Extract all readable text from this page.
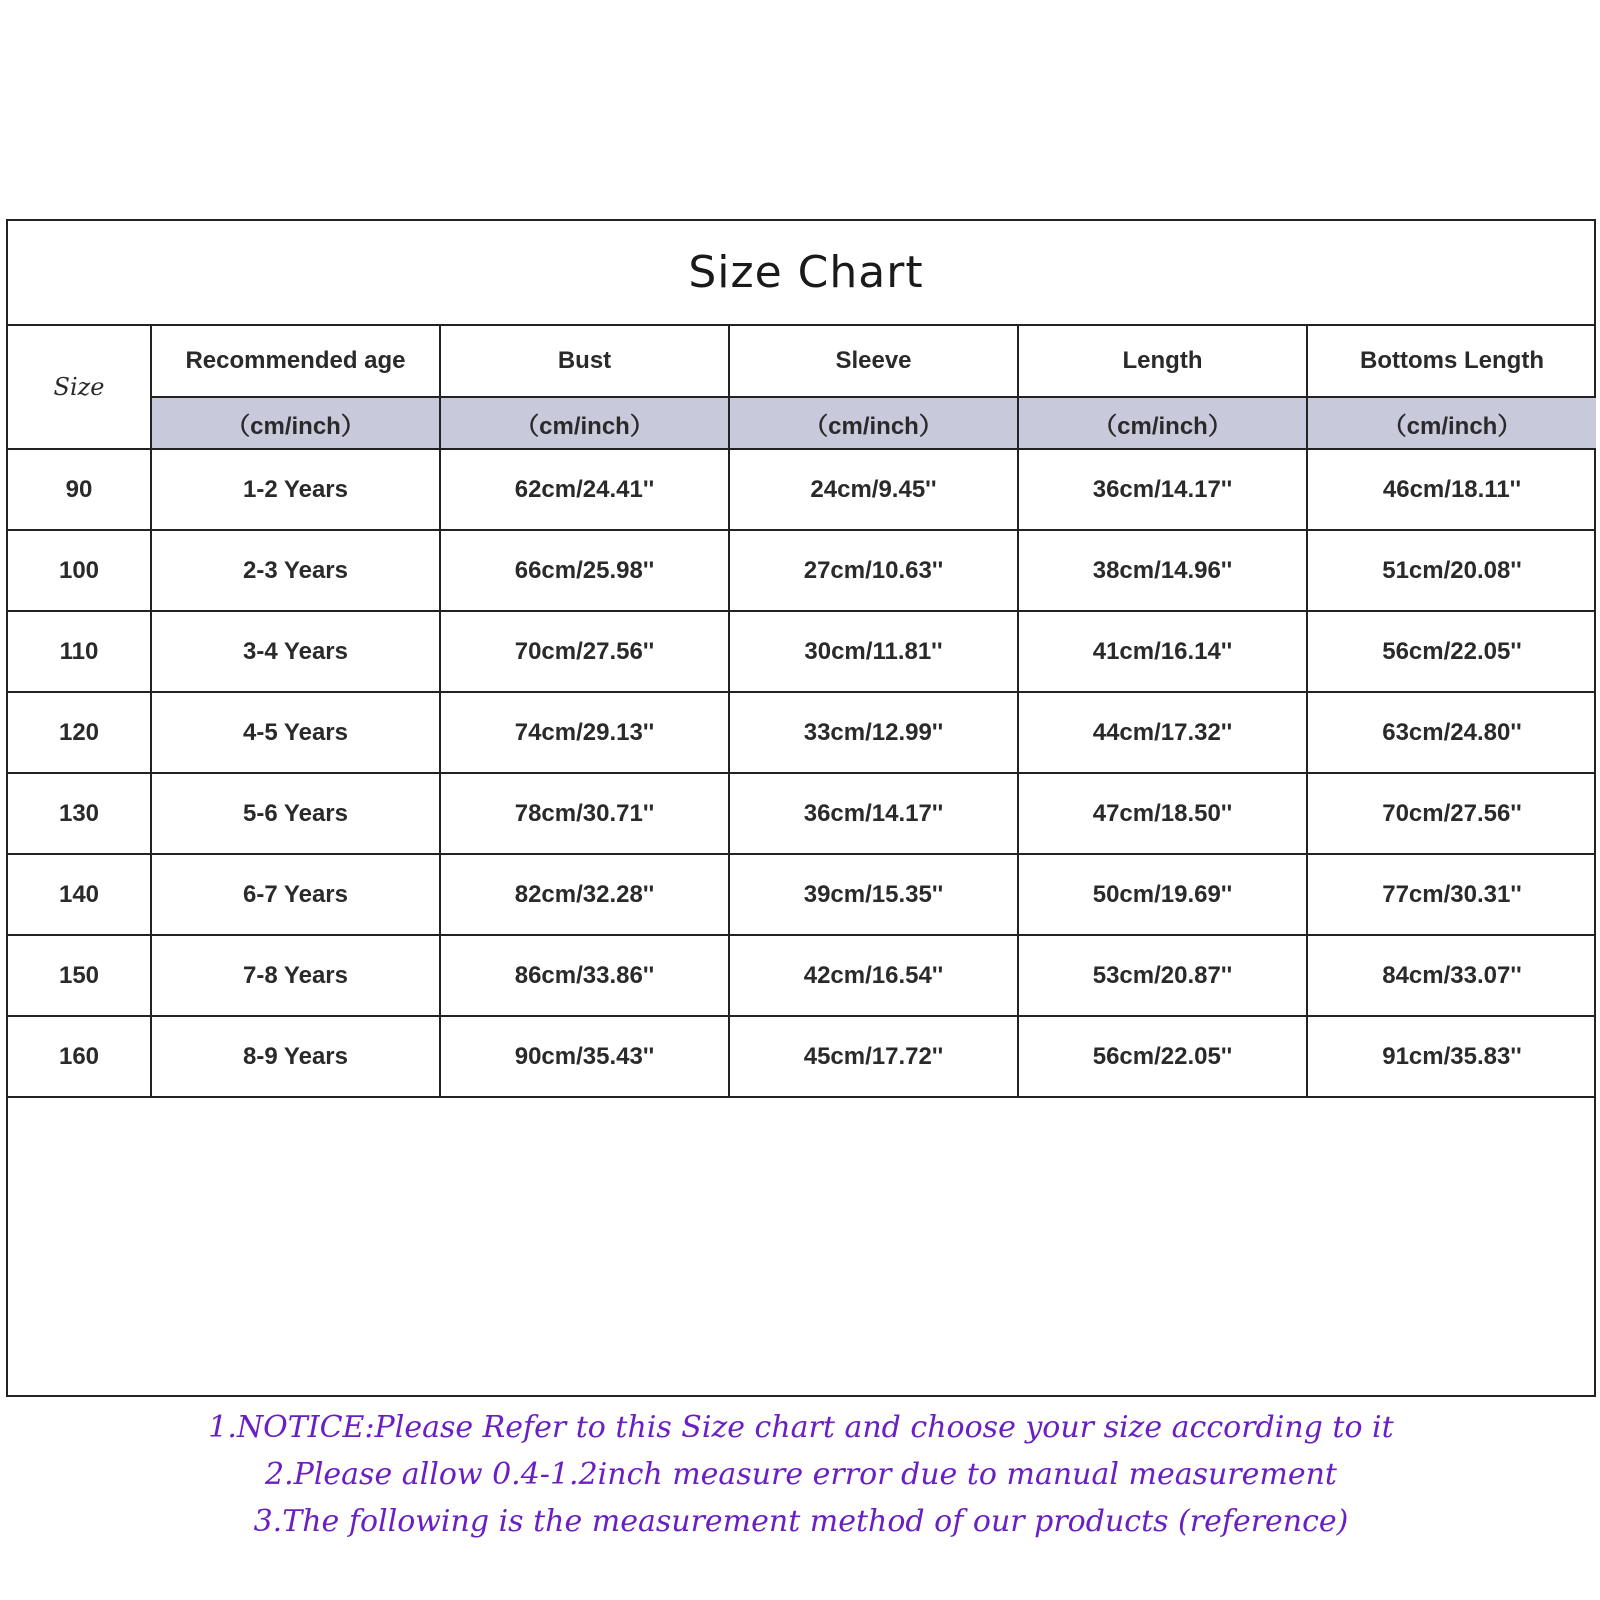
Size Chart
Size	Recommended age	Bust	Sleeve	Length	Bottoms Length
	（cm/inch）	（cm/inch）	（cm/inch）	（cm/inch）	（cm/inch）
90	1-2 Years	62cm/24.41''	24cm/9.45''	36cm/14.17''	46cm/18.11''
100	2-3 Years	66cm/25.98''	27cm/10.63''	38cm/14.96''	51cm/20.08''
110	3-4 Years	70cm/27.56''	30cm/11.81''	41cm/16.14''	56cm/22.05''
120	4-5 Years	74cm/29.13''	33cm/12.99''	44cm/17.32''	63cm/24.80''
130	5-6 Years	78cm/30.71''	36cm/14.17''	47cm/18.50''	70cm/27.56''
140	6-7 Years	82cm/32.28''	39cm/15.35''	50cm/19.69''	77cm/30.31''
150	7-8 Years	86cm/33.86''	42cm/16.54''	53cm/20.87''	84cm/33.07''
160	8-9 Years	90cm/35.43''	45cm/17.72''	56cm/22.05''	91cm/35.83''
1.NOTICE:Please Refer to this Size chart and choose your size according to it
2.Please allow 0.4-1.2inch measure error due to manual measurement
3.The following is the measurement method of our products (reference)
